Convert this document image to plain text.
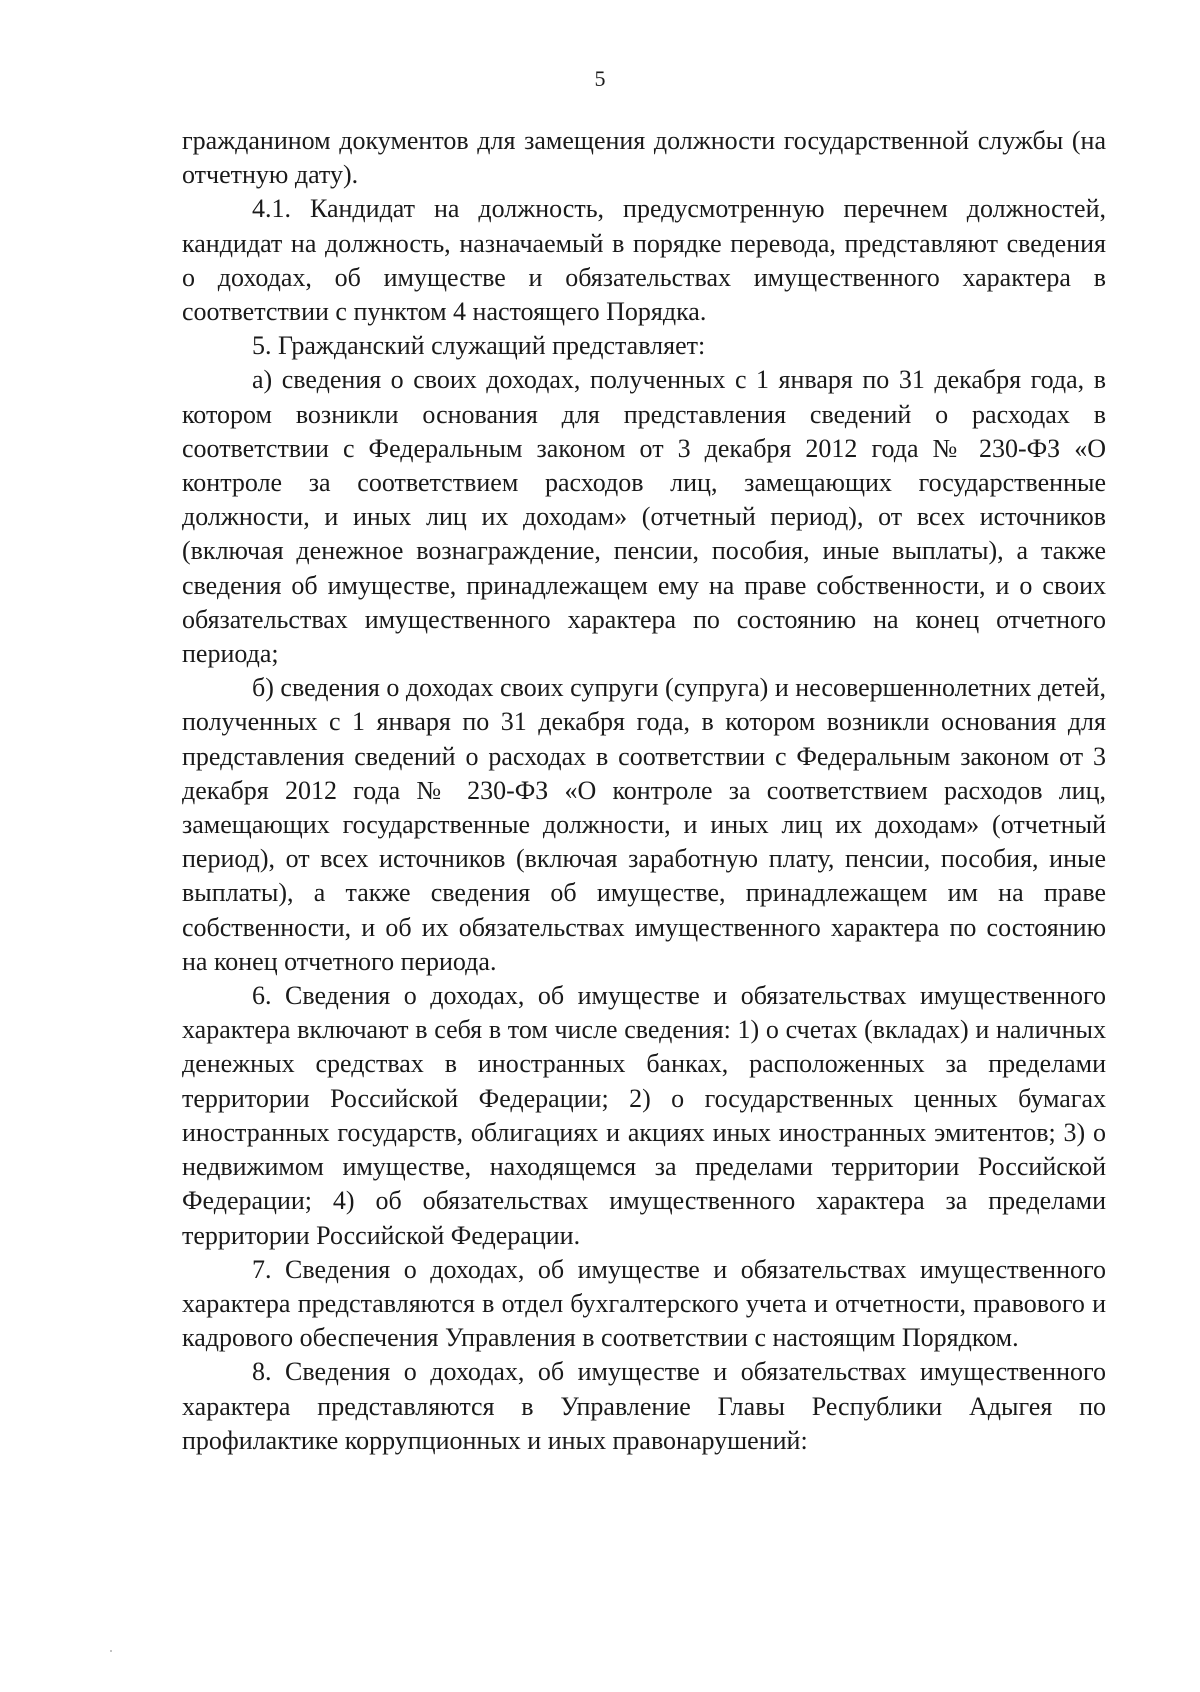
5

гражданином документов для замещения должности государственной службы (на отчетную дату).

4.1. Кандидат на должность, предусмотренную перечнем должностей, кандидат на должность, назначаемый в порядке перевода, представляют сведения о доходах, об имуществе и обязательствах имущественного характера в соответствии с пунктом 4 настоящего Порядка.

5. Гражданский служащий представляет:

а) сведения о своих доходах, полученных с 1 января по 31 декабря года, в котором возникли основания для представления сведений о расходах в соответствии с Федеральным законом от 3 декабря 2012 года № 230-ФЗ «О контроле за соответствием расходов лиц, замещающих государственные должности, и иных лиц их доходам» (отчетный период), от всех источников (включая денежное вознаграждение, пенсии, пособия, иные выплаты), а также сведения об имуществе, принадлежащем ему на праве собственности, и о своих обязательствах имущественного характера по состоянию на конец отчетного периода;

б) сведения о доходах своих супруги (супруга) и несовершеннолетних детей, полученных с 1 января по 31 декабря года, в котором возникли основания для представления сведений о расходах в соответствии с Федеральным законом от 3 декабря 2012 года № 230-ФЗ «О контроле за соответствием расходов лиц, замещающих государственные должности, и иных лиц их доходам» (отчетный период), от всех источников (включая заработную плату, пенсии, пособия, иные выплаты), а также сведения об имуществе, принадлежащем им на праве собственности, и об их обязательствах имущественного характера по состоянию на конец отчетного периода.

6. Сведения о доходах, об имуществе и обязательствах имущественного характера включают в себя в том числе сведения: 1) о счетах (вкладах) и наличных денежных средствах в иностранных банках, расположенных за пределами территории Российской Федерации; 2) о государственных ценных бумагах иностранных государств, облигациях и акциях иных иностранных эмитентов; 3) о недвижимом имуществе, находящемся за пределами территории Российской Федерации; 4) об обязательствах имущественного характера за пределами территории Российской Федерации.

7. Сведения о доходах, об имуществе и обязательствах имущественного характера представляются в отдел бухгалтерского учета и отчетности, правового и кадрового обеспечения Управления в соответствии с настоящим Порядком.

8. Сведения о доходах, об имуществе и обязательствах имущественного характера представляются в Управление Главы Республики Адыгея по профилактике коррупционных и иных правонарушений:
